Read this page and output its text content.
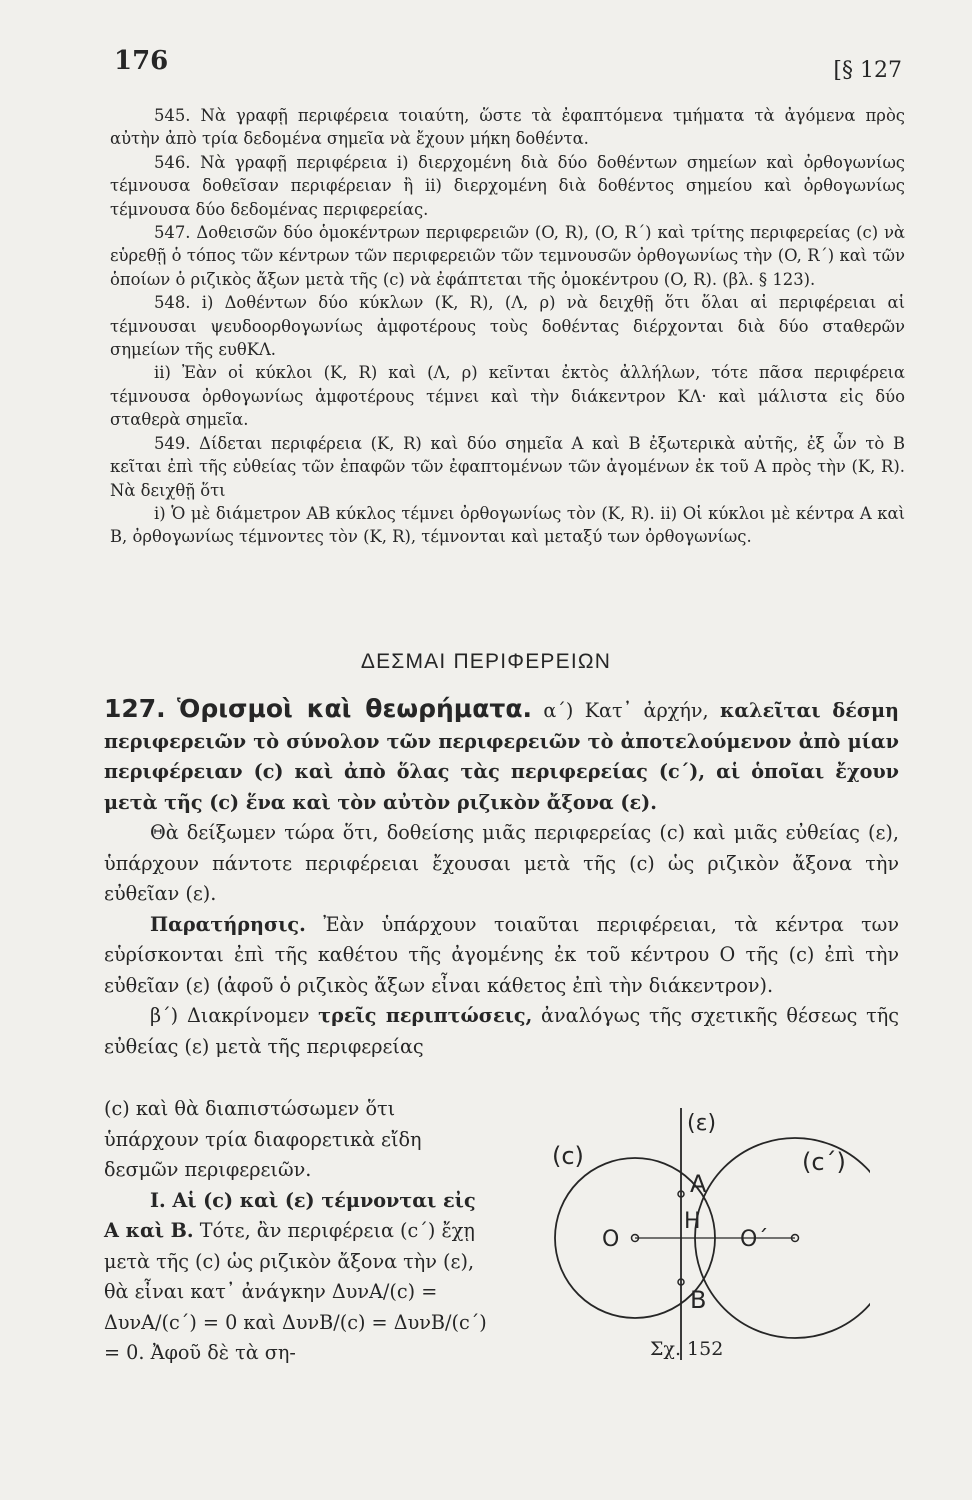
176	[§ 127

545. Νὰ γραφῇ περιφέρεια τοιαύτη, ὥστε τὰ ἐφαπτόμενα τμήματα τὰ ἀγόμενα πρὸς αὐτὴν ἀπὸ τρία δεδομένα σημεῖα νὰ ἔχουν μήκη δοθέντα.

546. Νὰ γραφῇ περιφέρεια i) διερχομένη διὰ δύο δοθέντων σημείων καὶ ὀρθογωνίως τέμνουσα δοθεῖσαν περιφέρειαν ἢ ii) διερχομένη διὰ δοθέντος σημείου καὶ ὀρθογωνίως τέμνουσα δύο δεδομένας περιφερείας.

547. Δοθεισῶν δύο ὁμοκέντρων περιφερειῶν (O, R), (O, R΄) καὶ τρίτης περιφερείας (c) νὰ εὑρεθῇ ὁ τόπος τῶν κέντρων τῶν περιφερειῶν τῶν τεμνουσῶν ὀρθογωνίως τὴν (O, R΄) καὶ τῶν ὁποίων ὁ ριζικὸς ἄξων μετὰ τῆς (c) νὰ ἐφάπτεται τῆς ὁμοκέντρου (O, R). (βλ. § 123).

548. i) Δοθέντων δύο κύκλων (K, R), (Λ, ρ) νὰ δειχθῇ ὅτι ὅλαι αἱ περιφέρειαι αἱ τέμνουσαι ψευδοορθογωνίως ἀμφοτέρους τοὺς δοθέντας διέρχονται διὰ δύο σταθερῶν σημείων τῆς ευθΚΛ.

ii) Ἐὰν οἱ κύκλοι (K, R) καὶ (Λ, ρ) κεῖνται ἐκτὸς ἀλλήλων, τότε πᾶσα περιφέρεια τέμνουσα ὀρθογωνίως ἀμφοτέρους τέμνει καὶ τὴν διάκεντρον ΚΛ· καὶ μάλιστα εἰς δύο σταθερὰ σημεῖα.

549. Δίδεται περιφέρεια (K, R) καὶ δύο σημεῖα A καὶ B ἐξωτερικὰ αὐτῆς, ἐξ ὧν τὸ B κεῖται ἐπὶ τῆς εὐθείας τῶν ἐπαφῶν τῶν ἐφαπτομένων τῶν ἀγομένων ἐκ τοῦ A πρὸς τὴν (K, R). Νὰ δειχθῇ ὅτι

i) Ὁ μὲ διάμετρον AB κύκλος τέμνει ὀρθογωνίως τὸν (K, R). ii) Οἱ κύκλοι μὲ κέντρα A καὶ B, ὀρθογωνίως τέμνοντες τὸν (K, R), τέμνονται καὶ μεταξύ των ὀρθογωνίως.

ΔΕΣΜΑΙ ΠΕΡΙΦΕΡΕΙΩΝ

127. Ὁρισμοὶ καὶ θεωρήματα. α΄) Κατ᾽ ἀρχήν, καλεῖται δέσμη περιφερειῶν τὸ σύνολον τῶν περιφερειῶν τὸ ἀποτελούμενον ἀπὸ μίαν περιφέρειαν (c) καὶ ἀπὸ ὅλας τὰς περιφερείας (c΄), αἱ ὁποῖαι ἔχουν μετὰ τῆς (c) ἕνα καὶ τὸν αὐτὸν ριζικὸν ἄξονα (ε).

Θὰ δείξωμεν τώρα ὅτι, δοθείσης μιᾶς περιφερείας (c) καὶ μιᾶς εὐθείας (ε), ὑπάρχουν πάντοτε περιφέρειαι ἔχουσαι μετὰ τῆς (c) ὡς ριζικὸν ἄξονα τὴν εὐθεῖαν (ε).

Παρατήρησις. Ἐὰν ὑπάρχουν τοιαῦται περιφέρειαι, τὰ κέντρα των εὑρίσκονται ἐπὶ τῆς καθέτου τῆς ἀγομένης ἐκ τοῦ κέντρου O τῆς (c) ἐπὶ τὴν εὐθεῖαν (ε) (ἀφοῦ ὁ ριζικὸς ἄξων εἶναι κάθετος ἐπὶ τὴν διάκεντρον).

β΄) Διακρίνομεν τρεῖς περιπτώσεις, ἀναλόγως τῆς σχετικῆς θέσεως τῆς εὐθείας (ε) μετὰ τῆς περιφερείας

(c) καὶ θὰ διαπιστώσωμεν ὅτι ὑπάρχουν τρία διαφορετικὰ εἴδη δεσμῶν περιφερειῶν.

I. Αἱ (c) καὶ (ε) τέμνονται εἰς A καὶ B. Τότε, ἂν περιφέρεια (c΄) ἔχῃ μετὰ τῆς (c) ὡς ριζικὸν ἄξονα τὴν (ε), θὰ εἶναι κατ᾽ ἀνάγκην ΔυνA/(c) = ΔυνA/(c΄) = 0 καὶ ΔυνB/(c) = ΔυνB/(c΄) = 0. Ἀφοῦ δὲ τὰ ση-

(ε)
(c)	(c΄)
A
H
B
O	O΄
Σχ. 152
